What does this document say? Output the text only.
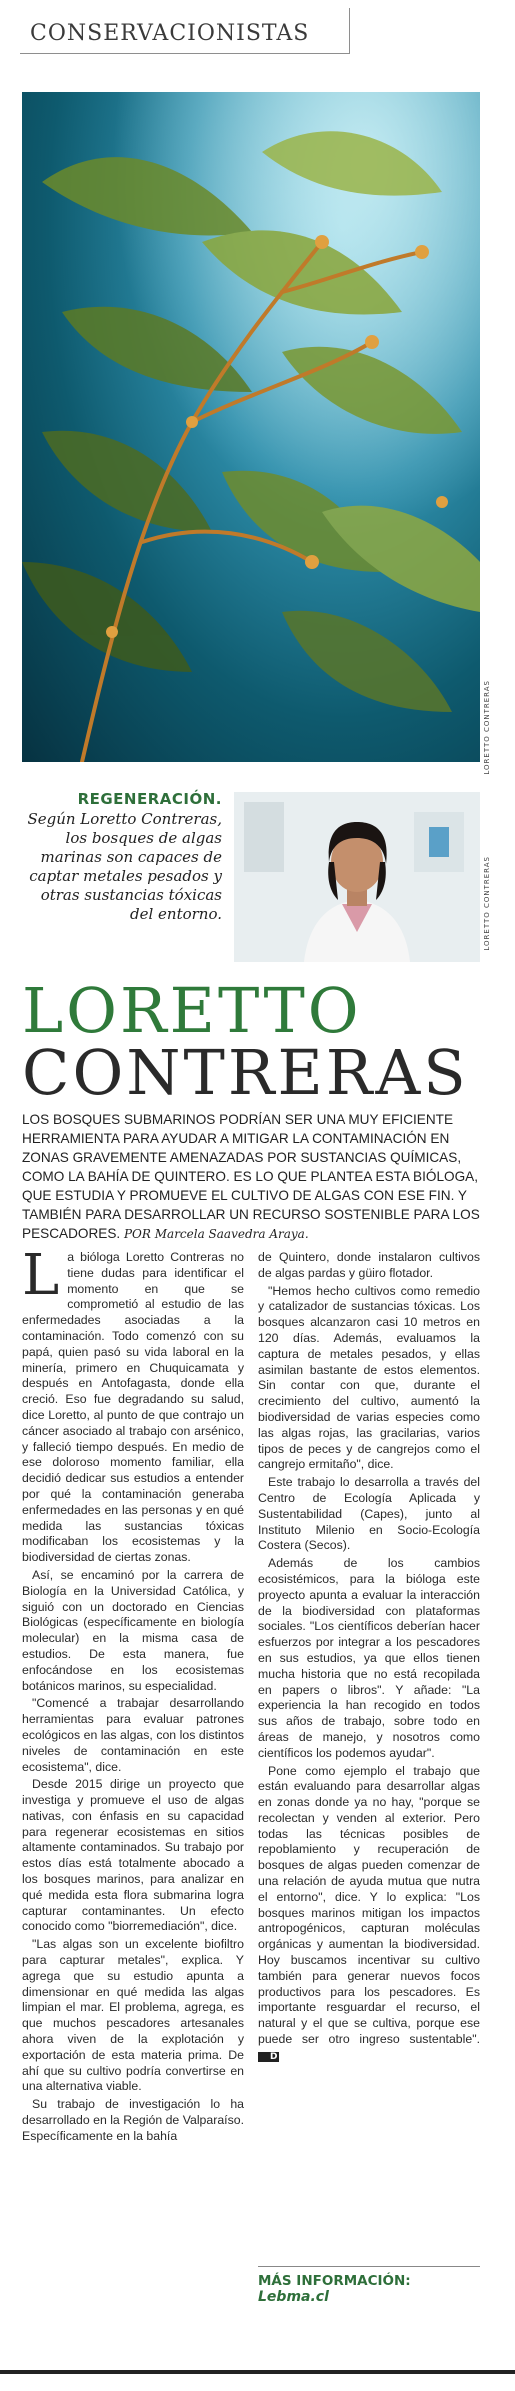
CONSERVACIONISTAS
LORETTO CONTRERAS
REGENERACIÓN.
Según Loretto Contreras, los bosques de algas marinas son capaces de captar metales pesados y otras sustancias tóxicas del entorno.	LORETTO CONTRERAS
LORETTO
CONTRERAS
LOS BOSQUES SUBMARINOS PODRÍAN SER UNA MUY EFICIENTE HERRAMIENTA PARA AYUDAR A MITIGAR LA CONTAMINACIÓN EN ZONAS GRAVEMENTE AMENAZADAS POR SUSTANCIAS QUÍMICAS, COMO LA BAHÍA DE QUINTERO. ES LO QUE PLANTEA ESTA BIÓLOGA, QUE ESTUDIA Y PROMUEVE EL CULTIVO DE ALGAS CON ESE FIN. Y TAMBIÉN PARA DESARROLLAR UN RECURSO SOSTENIBLE PARA LOS PESCADORES. POR Marcela Saavedra Araya.

La bióloga Loretto Contreras no tiene dudas para identificar el momento en que se comprometió al estudio de las enfermedades asociadas a la contaminación. Todo comenzó con su papá, quien pasó su vida laboral en la minería, primero en Chuquicamata y después en Antofagasta, donde ella creció. Eso fue degradando su salud, dice Loretto, al punto de que contrajo un cáncer asociado al trabajo con arsénico, y falleció tiempo después. En medio de ese doloroso momento familiar, ella decidió dedicar sus estudios a entender por qué la contaminación generaba enfermedades en las personas y en qué medida las sustancias tóxicas modificaban los ecosistemas y la biodiversidad de ciertas zonas.

Así, se encaminó por la carrera de Biología en la Universidad Católica, y siguió con un doctorado en Ciencias Biológicas (específicamente en biología molecular) en la misma casa de estudios. De esta manera, fue enfocándose en los ecosistemas botánicos marinos, su especialidad.

"Comencé a trabajar desarrollando herramientas para evaluar patrones ecológicos en las algas, con los distintos niveles de contaminación en este ecosistema", dice.

Desde 2015 dirige un proyecto que investiga y promueve el uso de algas nativas, con énfasis en su capacidad para regenerar ecosistemas en sitios altamente contaminados. Su trabajo por estos días está totalmente abocado a los bosques marinos, para analizar en qué medida esta flora submarina logra capturar contaminantes. Un efecto conocido como "biorremediación", dice.

"Las algas son un excelente biofiltro para capturar metales", explica. Y agrega que su estudio apunta a dimensionar en qué medida las algas limpian el mar. El problema, agrega, es que muchos pescadores artesanales ahora viven de la explotación y exportación de esta materia prima. De ahí que su cultivo podría convertirse en una alternativa viable.

Su trabajo de investigación lo ha desarrollado en la Región de Valparaíso. Específicamente en la bahía

de Quintero, donde instalaron cultivos de algas pardas y güiro flotador.

"Hemos hecho cultivos como remedio y catalizador de sustancias tóxicas. Los bosques alcanzaron casi 10 metros en 120 días. Además, evaluamos la captura de metales pesados, y ellas asimilan bastante de estos elementos. Sin contar con que, durante el crecimiento del cultivo, aumentó la biodiversidad de varias especies como las algas rojas, las gracilarias, varios tipos de peces y de cangrejos como el cangrejo ermitaño", dice.

Este trabajo lo desarrolla a través del Centro de Ecología Aplicada y Sustentabilidad (Capes), junto al Instituto Milenio en Socio-Ecología Costera (Secos).

Además de los cambios ecosistémicos, para la bióloga este proyecto apunta a evaluar la interacción de la biodiversidad con plataformas sociales. "Los científicos deberían hacer esfuerzos por integrar a los pescadores en sus estudios, ya que ellos tienen mucha historia que no está recopilada en papers o libros". Y añade: "La experiencia la han recogido en todos sus años de trabajo, sobre todo en áreas de manejo, y nosotros como científicos los podemos ayudar".

Pone como ejemplo el trabajo que están evaluando para desarrollar algas en zonas donde ya no hay, "porque se recolectan y venden al exterior. Pero todas las técnicas posibles de repoblamiento y recuperación de bosques de algas pueden comenzar de una relación de ayuda mutua que nutra el entorno", dice. Y lo explica: "Los bosques marinos mitigan los impactos antropogénicos, capturan moléculas orgánicas y aumentan la biodiversidad. Hoy buscamos incentivar su cultivo también para generar nuevos focos productivos para los pescadores. Es importante resguardar el recurso, el natural y el que se cultiva, porque ese puede ser otro ingreso sustentable". D

MÁS INFORMACIÓN:
Lebma.cl
